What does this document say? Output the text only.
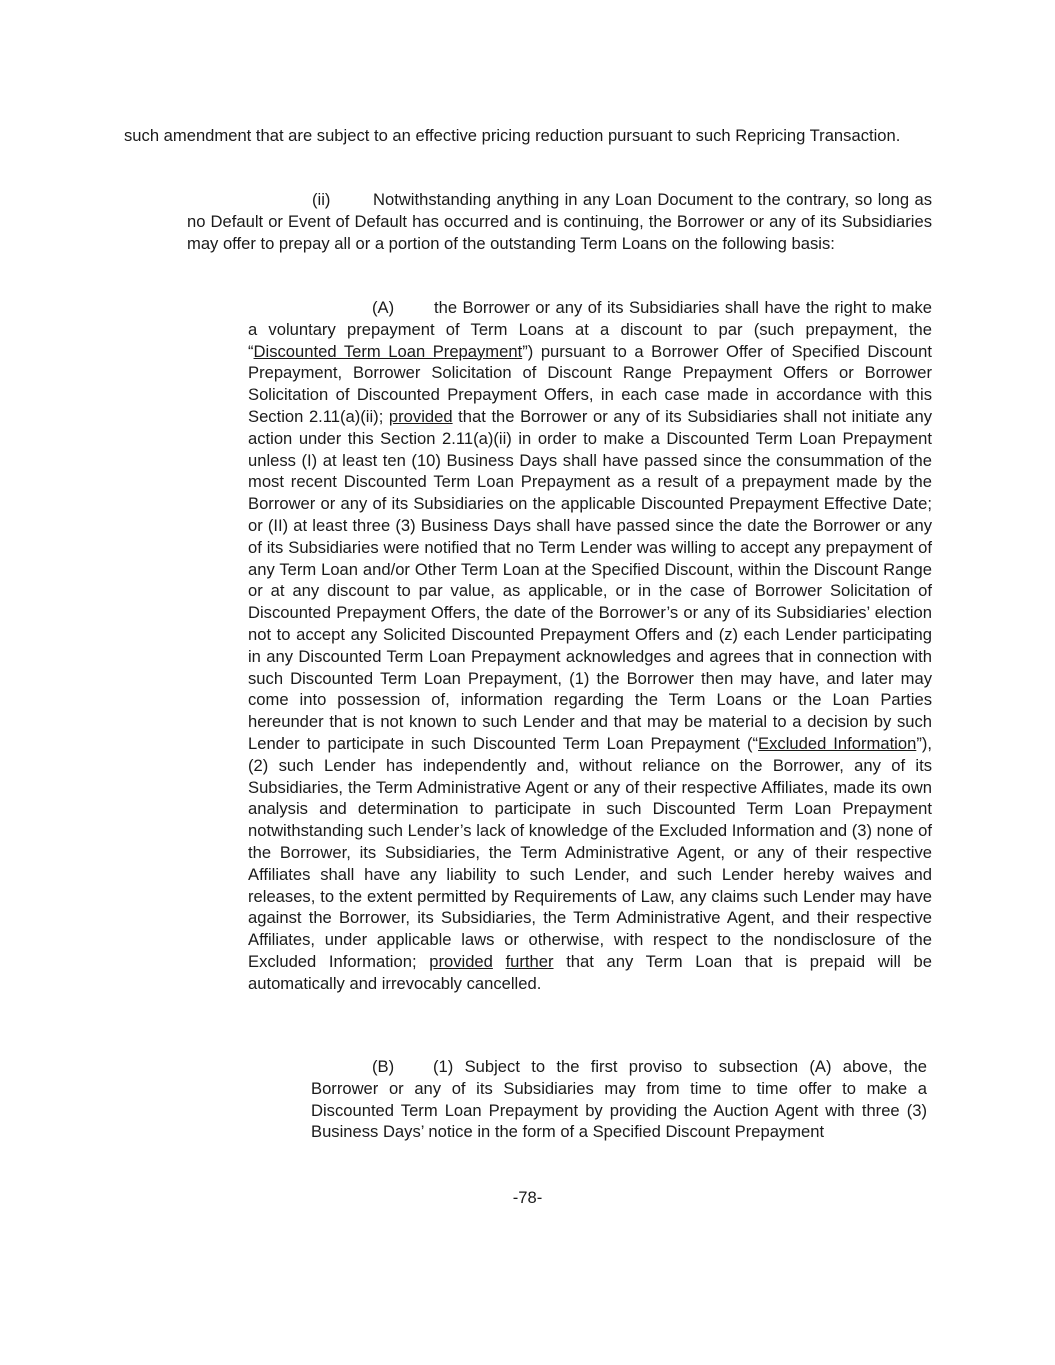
such amendment that are subject to an effective pricing reduction pursuant to such Repricing Transaction.

(ii)	Notwithstanding anything in any Loan Document to the contrary, so long as no Default or Event of Default has occurred and is continuing, the Borrower or any of its Subsidiaries may offer to prepay all or a portion of the outstanding Term Loans on the following basis:

(A) the Borrower or any of its Subsidiaries shall have the right to make a voluntary prepayment of Term Loans at a discount to par (such prepayment, the “Discounted Term Loan Prepayment”) pursuant to a Borrower Offer of Specified Discount Prepayment, Borrower Solicitation of Discount Range Prepayment Offers or Borrower Solicitation of Discounted Prepayment Offers, in each case made in accordance with this Section 2.11(a)(ii); provided that the Borrower or any of its Subsidiaries shall not initiate any action under this Section 2.11(a)(ii) in order to make a Discounted Term Loan Prepayment unless (I) at least ten (10) Business Days shall have passed since the consummation of the most recent Discounted Term Loan Prepayment as a result of a prepayment made by the Borrower or any of its Subsidiaries on the applicable Discounted Prepayment Effective Date; or (II) at least three (3) Business Days shall have passed since the date the Borrower or any of its Subsidiaries were notified that no Term Lender was willing to accept any prepayment of any Term Loan and/or Other Term Loan at the Specified Discount, within the Discount Range or at any discount to par value, as applicable, or in the case of Borrower Solicitation of Discounted Prepayment Offers, the date of the Borrower’s or any of its Subsidiaries’ election not to accept any Solicited Discounted Prepayment Offers and (z) each Lender participating in any Discounted Term Loan Prepayment acknowledges and agrees that in connection with such Discounted Term Loan Prepayment, (1) the Borrower then may have, and later may come into possession of, information regarding the Term Loans or the Loan Parties hereunder that is not known to such Lender and that may be material to a decision by such Lender to participate in such Discounted Term Loan Prepayment (“Excluded Information”), (2) such Lender has independently and, without reliance on the Borrower, any of its Subsidiaries, the Term Administrative Agent or any of their respective Affiliates, made its own analysis and determination to participate in such Discounted Term Loan Prepayment notwithstanding such Lender’s lack of knowledge of the Excluded Information and (3) none of the Borrower, its Subsidiaries, the Term Administrative Agent, or any of their respective Affiliates shall have any liability to such Lender, and such Lender hereby waives and releases, to the extent permitted by Requirements of Law, any claims such Lender may have against the Borrower, its Subsidiaries, the Term Administrative Agent, and their respective Affiliates, under applicable laws or otherwise, with respect to the nondisclosure of the Excluded Information; provided further that any Term Loan that is prepaid will be automatically and irrevocably cancelled.

(B) (1) Subject to the first proviso to subsection (A) above, the Borrower or any of its Subsidiaries may from time to time offer to make a Discounted Term Loan Prepayment by providing the Auction Agent with three (3) Business Days’ notice in the form of a Specified Discount Prepayment

-78-
